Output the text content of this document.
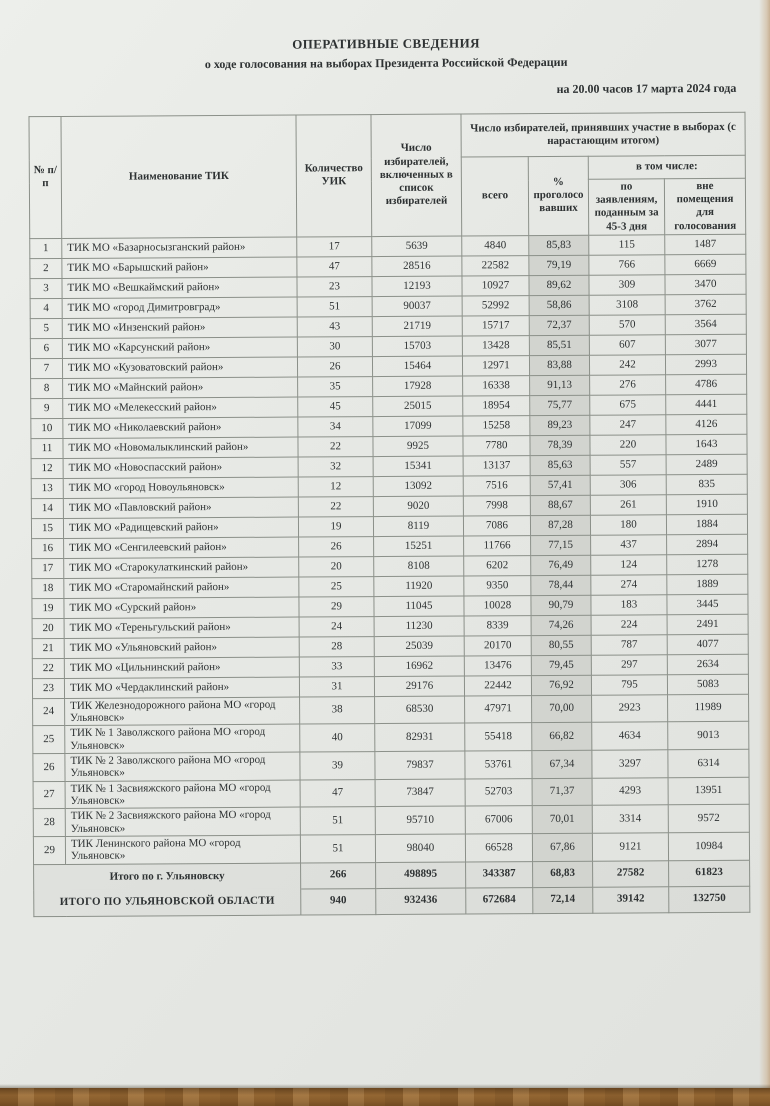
ОПЕРАТИВНЫЕ СВЕДЕНИЯ
о ходе голосования на выборах Президента Российской Федерации
на 20.00 часов 17 марта 2024 года
№ п/п	Наименование ТИК	Количество УИК	Число избирателей, включенных в список избирателей	Число избирателей, принявших участие в выборах (с нарастающим итогом)			
				всего	% проголосовавших	в том числе:	
						по заявлениям, поданным за 45-3 дня	вне помещения для голосования
1	ТИК МО «Базарносызганский район»	17	5639	4840	85,83	115	1487
2	ТИК МО «Барышский район»	47	28516	22582	79,19	766	6669
3	ТИК МО «Вешкаймский район»	23	12193	10927	89,62	309	3470
4	ТИК МО «город Димитровград»	51	90037	52992	58,86	3108	3762
5	ТИК МО «Инзенский район»	43	21719	15717	72,37	570	3564
6	ТИК МО «Карсунский район»	30	15703	13428	85,51	607	3077
7	ТИК МО «Кузоватовский район»	26	15464	12971	83,88	242	2993
8	ТИК МО «Майнский район»	35	17928	16338	91,13	276	4786
9	ТИК МО «Мелекесский район»	45	25015	18954	75,77	675	4441
10	ТИК МО «Николаевский район»	34	17099	15258	89,23	247	4126
11	ТИК МО «Новомалыклинский район»	22	9925	7780	78,39	220	1643
12	ТИК МО «Новоспасский район»	32	15341	13137	85,63	557	2489
13	ТИК МО «город Новоульяновск»	12	13092	7516	57,41	306	835
14	ТИК МО «Павловский район»	22	9020	7998	88,67	261	1910
15	ТИК МО «Радищевский район»	19	8119	7086	87,28	180	1884
16	ТИК МО «Сенгилеевский район»	26	15251	11766	77,15	437	2894
17	ТИК МО «Старокулаткинский район»	20	8108	6202	76,49	124	1278
18	ТИК МО «Старомайнский район»	25	11920	9350	78,44	274	1889
19	ТИК МО «Сурский район»	29	11045	10028	90,79	183	3445
20	ТИК МО «Тереньгульский район»	24	11230	8339	74,26	224	2491
21	ТИК МО «Ульяновский район»	28	25039	20170	80,55	787	4077
22	ТИК МО «Цильнинский район»	33	16962	13476	79,45	297	2634
23	ТИК МО «Чердаклинский район»	31	29176	22442	76,92	795	5083
24	ТИК Железнодорожного района МО «город Ульяновск»	38	68530	47971	70,00	2923	11989
25	ТИК № 1 Заволжского района МО «город Ульяновск»	40	82931	55418	66,82	4634	9013
26	ТИК № 2 Заволжского района МО «город Ульяновск»	39	79837	53761	67,34	3297	6314
27	ТИК № 1 Засвияжского района МО «город Ульяновск»	47	73847	52703	71,37	4293	13951
28	ТИК № 2 Засвияжского района МО «город Ульяновск»	51	95710	67006	70,01	3314	9572
29	ТИК Ленинского района МО «город Ульяновск»	51	98040	66528	67,86	9121	10984
Итого по г. Ульяновску		266	498895	343387	68,83	27582	61823
ИТОГО ПО УЛЬЯНОВСКОЙ ОБЛАСТИ		940	932436	672684	72,14	39142	132750
